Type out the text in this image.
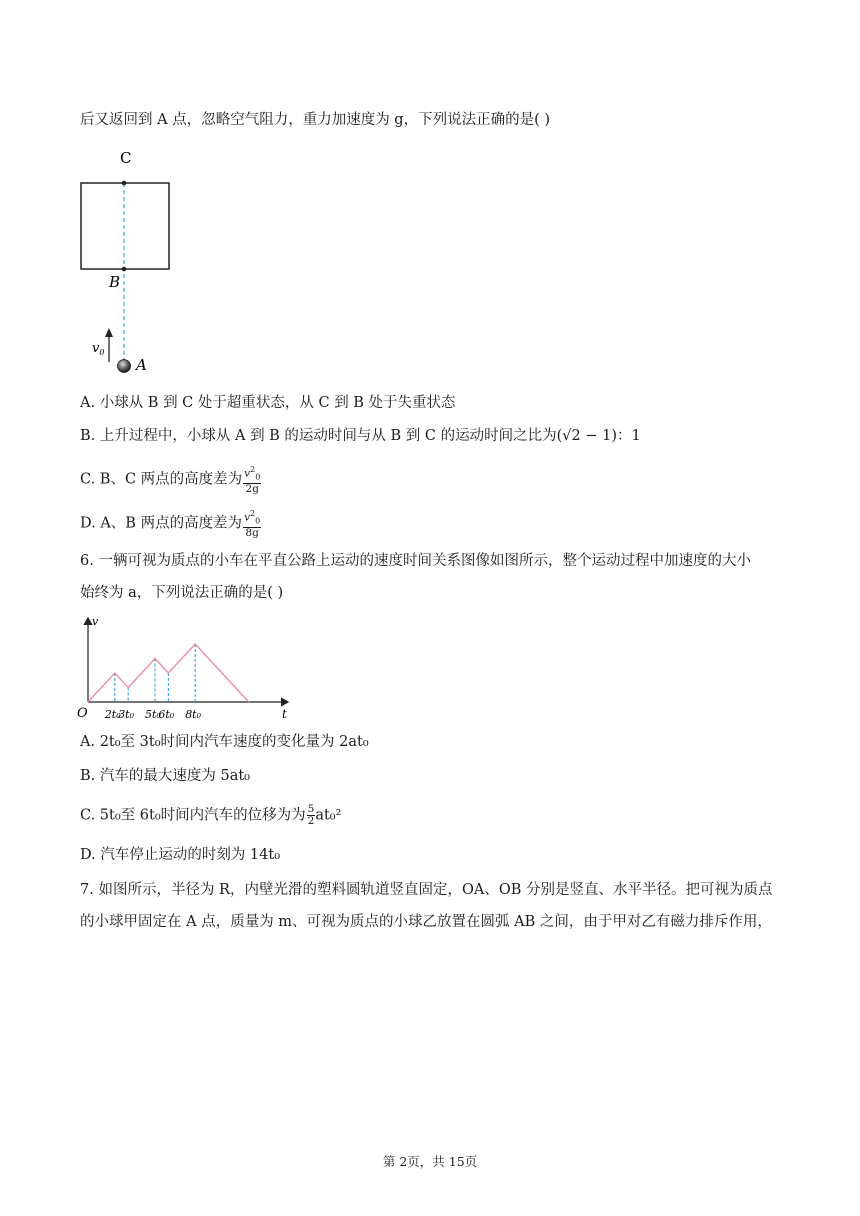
后又返回到 A 点，忽略空气阻力，重力加速度为 g，下列说法正确的是( )
C
B
$v_0$
A
A. 小球从 B 到 C 处于超重状态，从 C 到 B 处于失重状态
B. 上升过程中，小球从 A 到 B 的运动时间与从 B 到 C 的运动时间之比为(√2 − 1)：1
C. B、C 两点的高度差为 $\frac{v^2_0}{2g}$
D. A、B 两点的高度差为 $\frac{v^2_0}{8g}$
6. 一辆可视为质点的小车在平直公路上运动的速度时间关系图像如图所示，整个运动过程中加速度的大小
始终为 a，下列说法正确的是( )
v
t
O 2t₀
3t₀ 5t₀
6t₀ 8t₀
A. 2t₀至 3t₀时间内汽车速度的变化量为 2at₀
B. 汽车的最大速度为 5at₀
C. 5t₀至 6t₀时间内汽车的位移为为 $\frac{5}{2} at_0^2$
D. 汽车停止运动的时刻为 14t₀
7. 如图所示，半径为 R，内壁光滑的塑料圆轨道竖直固定，OA、OB 分别是竖直、水平半径。把可视为质点
的小球甲固定在 A 点，质量为 m、可视为质点的小球乙放置在圆弧 AB 之间，由于甲对乙有磁力排斥作用，
第 2页，共 15页
